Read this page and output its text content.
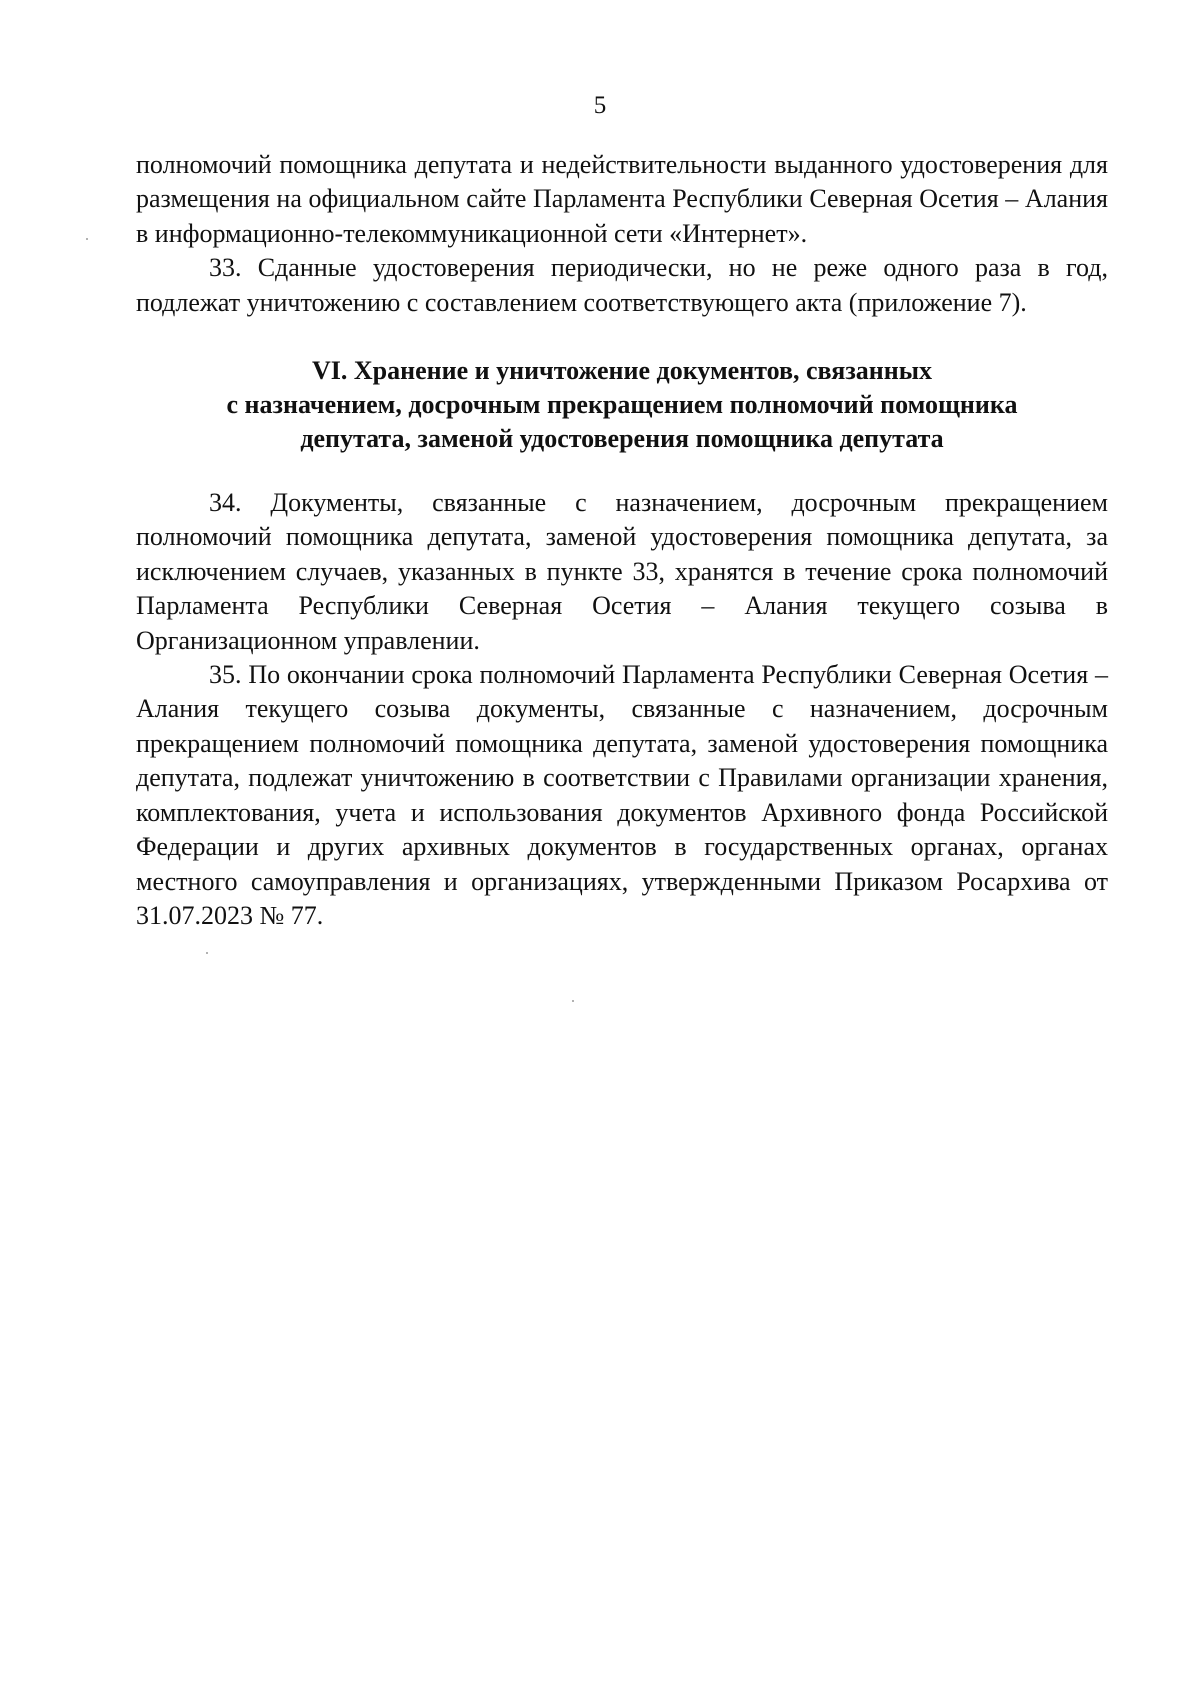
5

полномочий помощника депутата и недействительности выданного удостоверения для размещения на официальном сайте Парламента Республики Северная Осетия – Алания в информационно-телекоммуникационной сети «Интернет».

33. Сданные удостоверения периодически, но не реже одного раза в год, подлежат уничтожению с составлением соответствующего акта (приложение 7).

VI. Хранение и уничтожение документов, связанных
с назначением, досрочным прекращением полномочий помощника
депутата, заменой удостоверения помощника депутата

34. Документы, связанные с назначением, досрочным прекращением полномочий помощника депутата, заменой удостоверения помощника депутата, за исключением случаев, указанных в пункте 33, хранятся в течение срока полномочий Парламента Республики Северная Осетия – Алания текущего созыва в Организационном управлении.

35. По окончании срока полномочий Парламента Республики Северная Осетия – Алания текущего созыва документы, связанные с назначением, досрочным прекращением полномочий помощника депутата, заменой удостоверения помощника депутата, подлежат уничтожению в соответствии с Правилами организации хранения, комплектования, учета и использования документов Архивного фонда Российской Федерации и других архивных документов в государственных органах, органах местного самоуправления и организациях, утвержденными Приказом Росархива от 31.07.2023 № 77.
